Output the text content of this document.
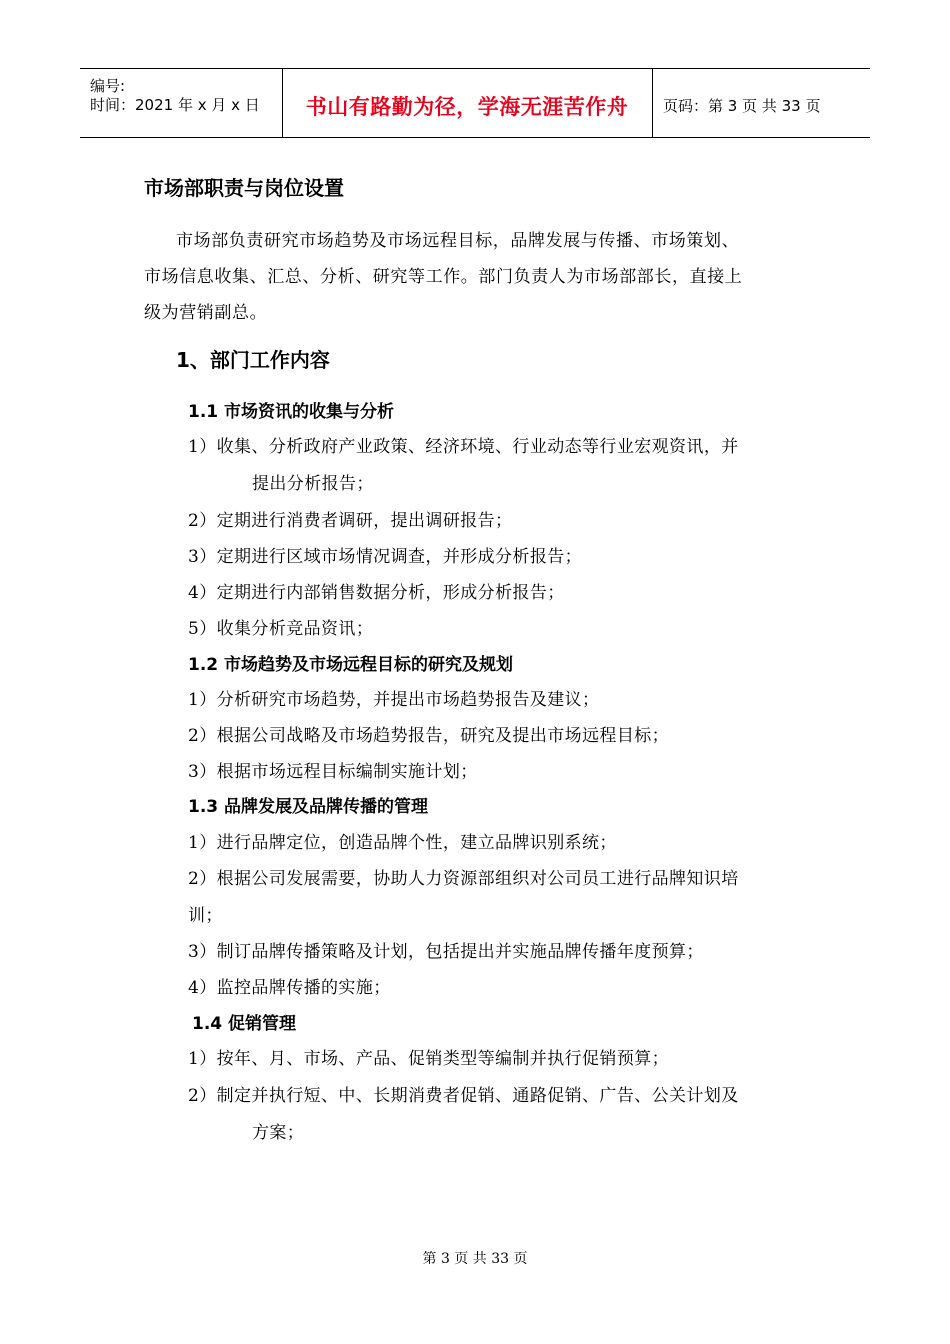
编号:
时间：2021 年 x 月 x 日	书山有路勤为径，学海无涯苦作舟	页码：第 3 页 共 33 页
市场部职责与岗位设置
市场部负责研究市场趋势及市场远程目标，品牌发展与传播、市场策划、
市场信息收集、汇总、分析、研究等工作。部门负责人为市场部部长，直接上
级为营销副总。
1、部门工作内容
1.1 市场资讯的收集与分析
1）收集、分析政府产业政策、经济环境、行业动态等行业宏观资讯，并
提出分析报告；
2）定期进行消费者调研，提出调研报告；
3）定期进行区域市场情况调查，并形成分析报告；
4）定期进行内部销售数据分析，形成分析报告；
5）收集分析竞品资讯；
1.2 市场趋势及市场远程目标的研究及规划
1）分析研究市场趋势，并提出市场趋势报告及建议；
2）根据公司战略及市场趋势报告，研究及提出市场远程目标；
3）根据市场远程目标编制实施计划；
1.3 品牌发展及品牌传播的管理
1）进行品牌定位，创造品牌个性，建立品牌识别系统；
2）根据公司发展需要，协助人力资源部组织对公司员工进行品牌知识培
训；
3）制订品牌传播策略及计划，包括提出并实施品牌传播年度预算；
4）监控品牌传播的实施；
1.4 促销管理
1）按年、月、市场、产品、促销类型等编制并执行促销预算；
2）制定并执行短、中、长期消费者促销、通路促销、广告、公关计划及
方案；
第 3 页 共 33 页
